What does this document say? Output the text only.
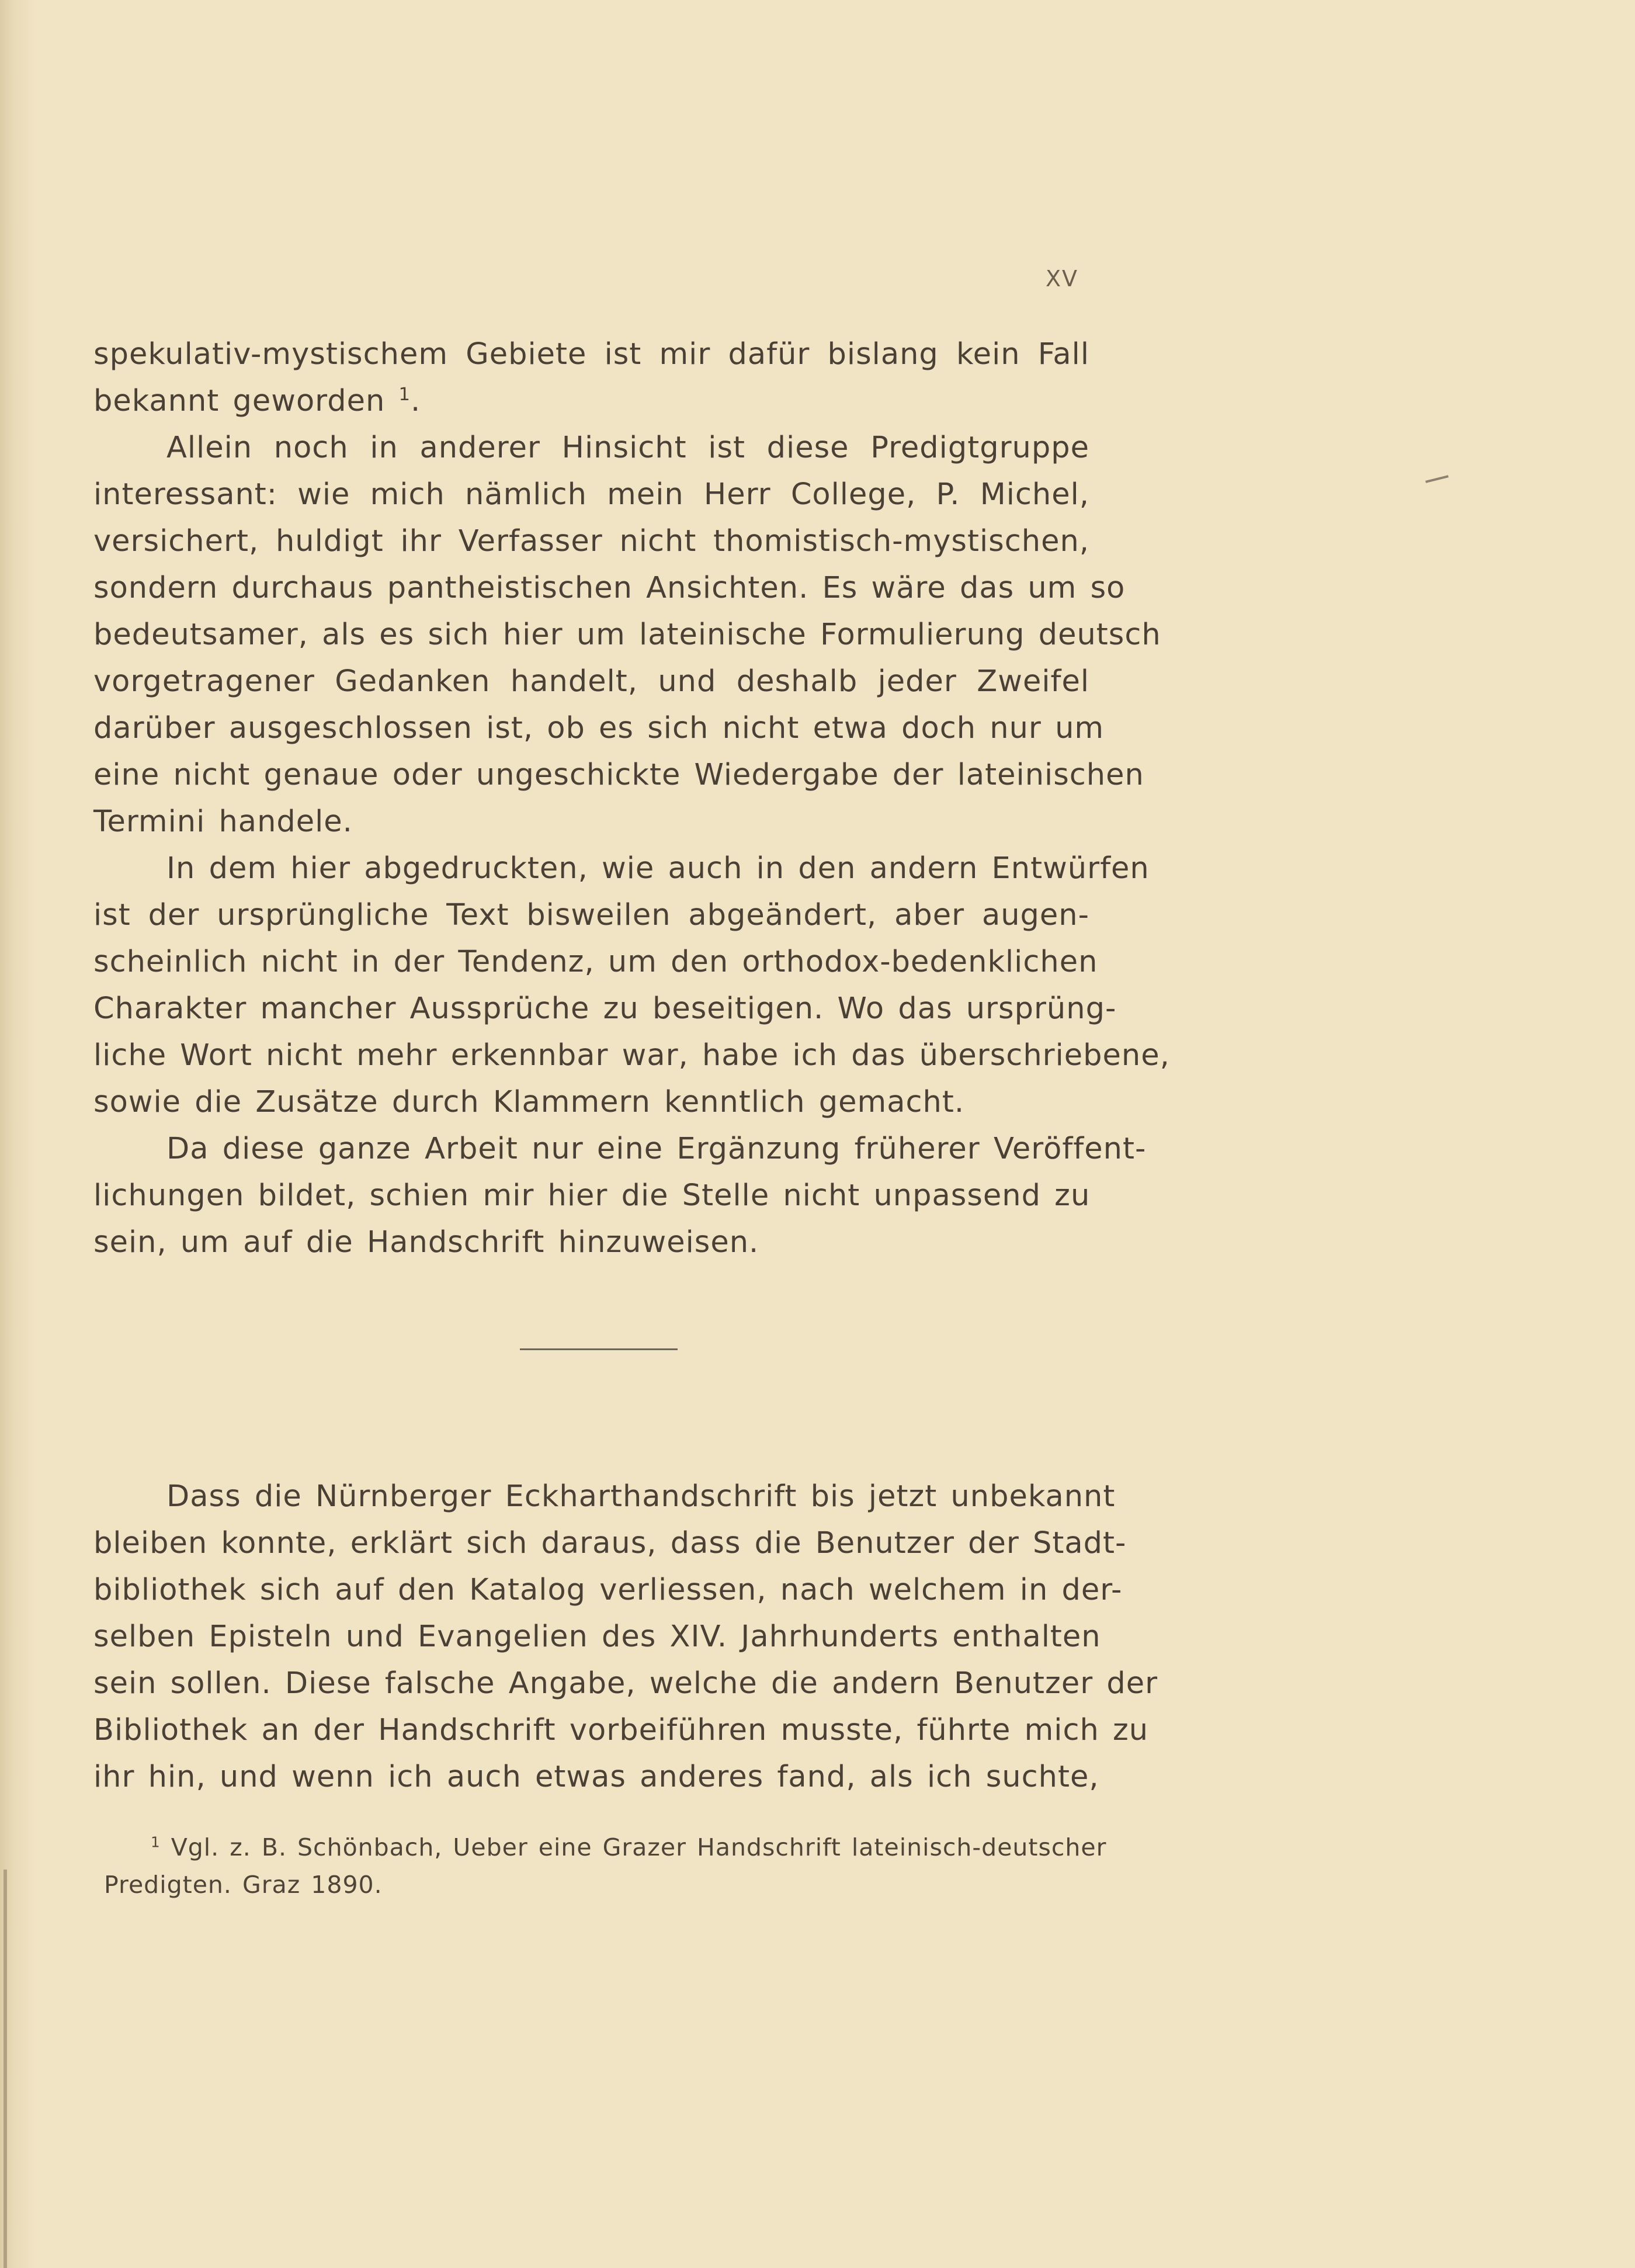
XV
spekulativ-mystischem Gebiete ist mir dafür bislang kein Fall
bekannt geworden $^1$.
Allein noch in anderer Hinsicht ist diese Predigtgruppe
interessant: wie mich nämlich mein Herr College, P. Michel,
versichert, huldigt ihr Verfasser nicht thomistisch-mystischen,
sondern durchaus pantheistischen Ansichten. Es wäre das um so
bedeutsamer, als es sich hier um lateinische Formulierung deutsch
vorgetragener Gedanken handelt, und deshalb jeder Zweifel
darüber ausgeschlossen ist, ob es sich nicht etwa doch nur um
eine nicht genaue oder ungeschickte Wiedergabe der lateinischen
Termini handele.
In dem hier abgedruckten, wie auch in den andern Entwürfen
ist der ursprüngliche Text bisweilen abgeändert, aber augen-
scheinlich nicht in der Tendenz, um den orthodox-bedenklichen
Charakter mancher Aussprüche zu beseitigen. Wo das ursprüng-
liche Wort nicht mehr erkennbar war, habe ich das überschriebene,
sowie die Zusätze durch Klammern kenntlich gemacht.
Da diese ganze Arbeit nur eine Ergänzung früherer Veröffent-
lichungen bildet, schien mir hier die Stelle nicht unpassend zu
sein, um auf die Handschrift hinzuweisen.
Dass die Nürnberger Eckharthandschrift bis jetzt unbekannt
bleiben konnte, erklärt sich daraus, dass die Benutzer der Stadt-
bibliothek sich auf den Katalog verliessen, nach welchem in der-
selben Episteln und Evangelien des XIV. Jahrhunderts enthalten
sein sollen. Diese falsche Angabe, welche die andern Benutzer der
Bibliothek an der Handschrift vorbeiführen musste, führte mich zu
ihr hin, und wenn ich auch etwas anderes fand, als ich suchte,
$^1$ Vgl. z. B. Schönbach, Ueber eine Grazer Handschrift lateinisch-deutscher
Predigten. Graz 1890.
